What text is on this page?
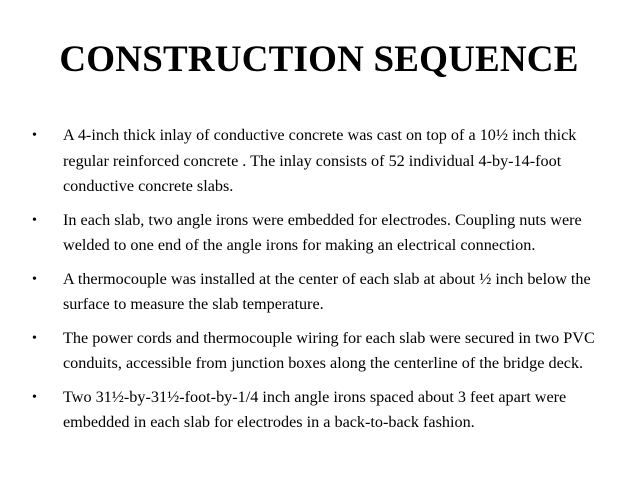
CONSTRUCTION SEQUENCE
•	A 4-inch thick inlay of conductive concrete was cast on top of a 10½ inch thick regular reinforced concrete . The inlay consists of 52 individual 4-by-14-foot conductive concrete slabs.
•	In each slab, two angle irons were embedded for electrodes. Coupling nuts were welded to one end of the angle irons for making an electrical connection.
•	A thermocouple was installed at the center of each slab at about ½ inch below the surface to measure the slab temperature.
•	The power cords and thermocouple wiring for each slab were secured in two PVC conduits, accessible from junction boxes along the centerline of the bridge deck.
•	Two 31½-by-31½-foot-by-1/4 inch angle irons spaced about 3 feet apart were embedded in each slab for electrodes in a back-to-back fashion.
